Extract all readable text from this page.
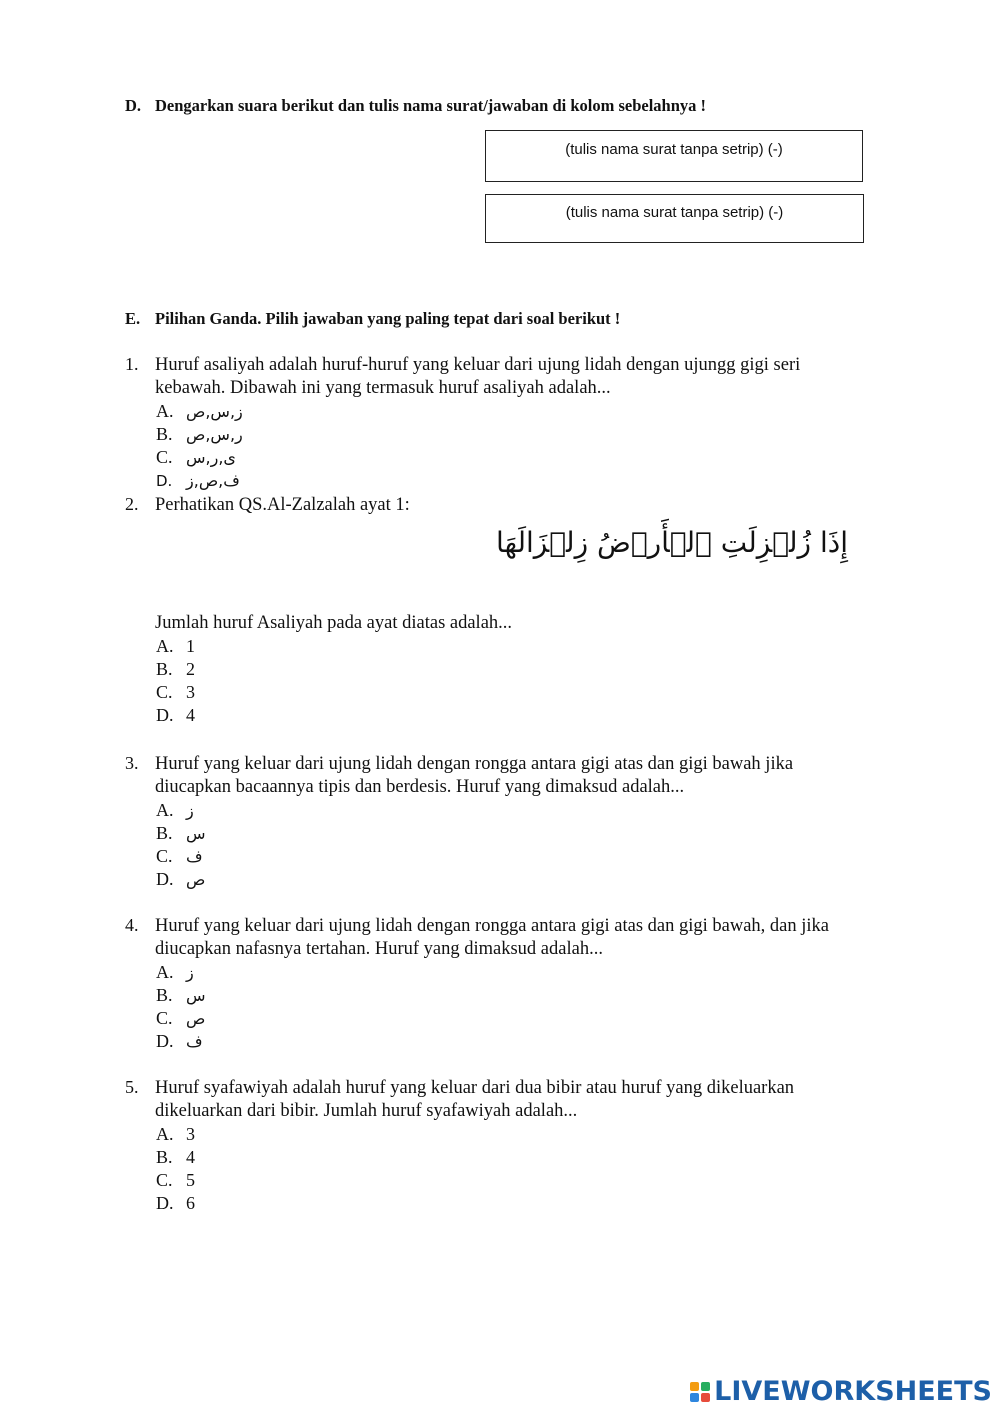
D. Dengarkan suara berikut dan tulis nama surat/jawaban di kolom sebelahnya !
(tulis nama surat tanpa setrip) (-)
(tulis nama surat tanpa setrip) (-)
E. Pilihan Ganda. Pilih jawaban yang paling tepat dari soal berikut !
1. Huruf asaliyah adalah huruf-huruf yang keluar dari ujung lidah dengan ujungg gigi seri
kebawah. Dibawah ini yang termasuk huruf asaliyah adalah...
A. ز,س,ص
B. ر,س,ص
C. ى,ر,س
D. ف,ص,ز
2. Perhatikan QS.Al-Zalzalah ayat 1:
إِذَا زُلۡزِلَتِ ٱلۡأَرۡضُ زِلۡزَالَهَا
Jumlah huruf Asaliyah pada ayat diatas adalah...
A. 1
B. 2
C. 3
D. 4
3. Huruf yang keluar dari ujung lidah dengan rongga antara gigi atas dan gigi bawah jika
diucapkan bacaannya tipis dan berdesis. Huruf yang dimaksud adalah...
A. ز
B. س
C. ف
D. ص
4. Huruf yang keluar dari ujung lidah dengan rongga antara gigi atas dan gigi bawah, dan jika
diucapkan nafasnya tertahan. Huruf yang dimaksud adalah...
A. ز
B. س
C. ص
D. ف
5. Huruf syafawiyah adalah huruf yang keluar dari dua bibir atau huruf yang dikeluarkan
dikeluarkan dari bibir. Jumlah huruf syafawiyah adalah...
A. 3
B. 4
C. 5
D. 6
LIVEWORKSHEETS
